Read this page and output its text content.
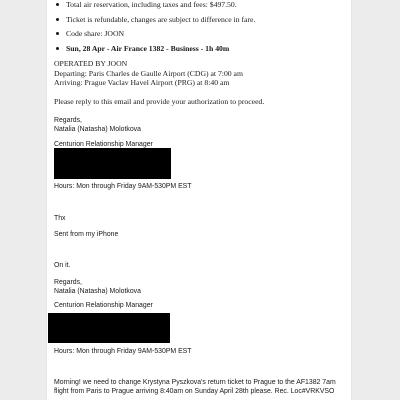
Total air reservation, including taxes and fees: $497.50.

Ticket is refundable, changes are subject to difference in fare.

Code share: JOON

Sun, 28 Apr - Air France 1382 - Business - 1h 40m

OPERATED BY JOON
Departing: Paris Charles de Gaulle Airport (CDG) at 7:00 am
Arriving: Prague Vaclav Havel Airport (PRG) at 8:40 am
Please reply to this email and provide your authorization to proceed.
Regards,
Natalia (Natasha) Molotkova
Centurion Relationship Manager
Hours: Mon through Friday 9AM-530PM EST
Thx
Sent from my iPhone
On it.
Regards,
Natalia (Natasha) Molotkova
Centurion Relationship Manager
Hours: Mon through Friday 9AM-530PM EST
Morning! we need to change Krystyna Pyszkova's return ticket to Prague to the AF1382 7am
flight from Paris to Prague arriving 8:40am on Sunday April 28th please. Rec. Loc#VRKVSO
